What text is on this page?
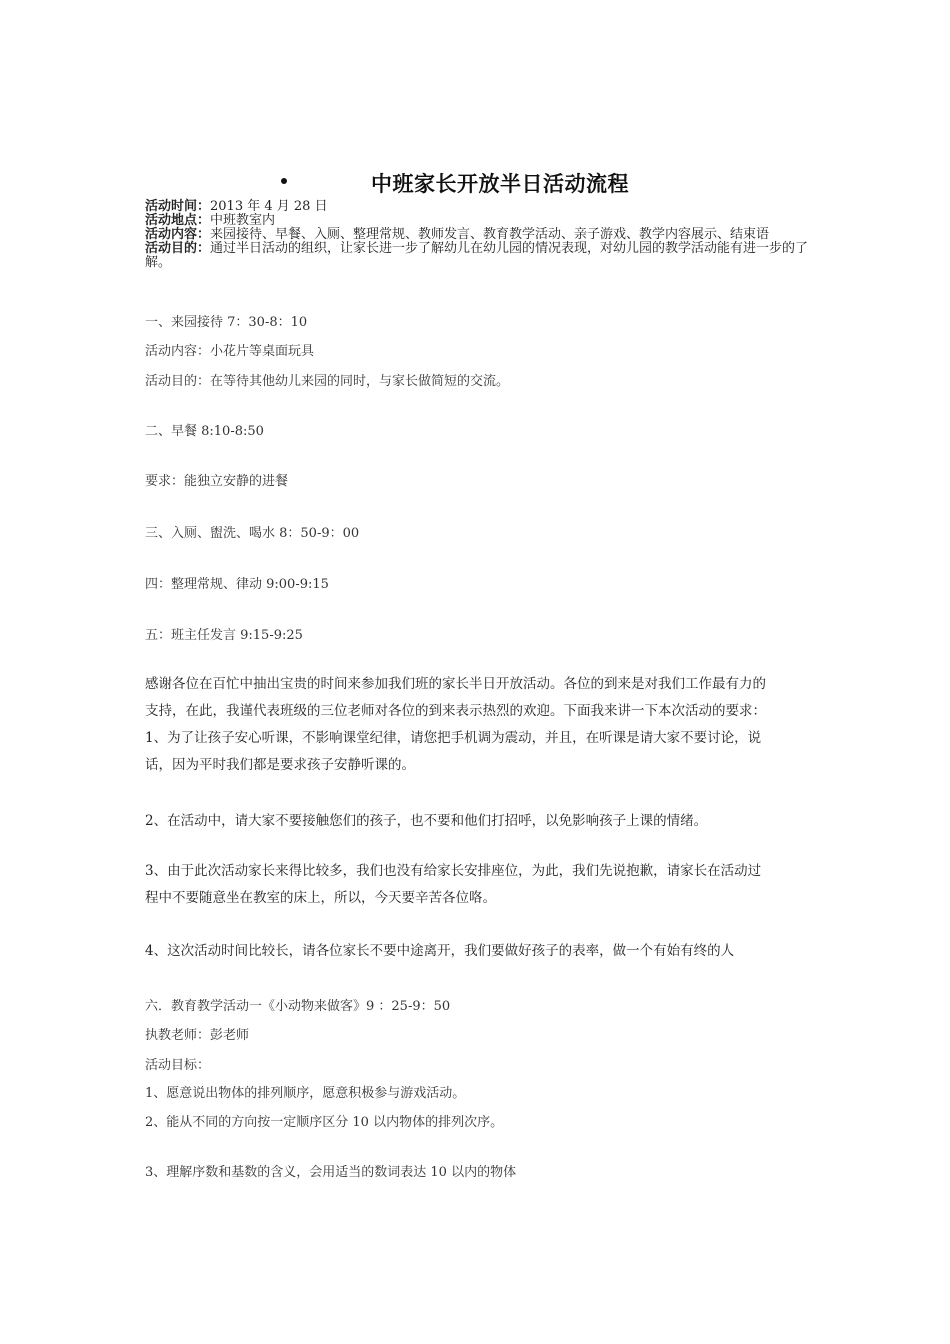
中班家长开放半日活动流程

活动时间：2013 年 4 月 28 日

活动地点：中班教室内

活动内容：来园接待、早餐、入厕、整理常规、教师发言、教育教学活动、亲子游戏、教学内容展示、结束语

活动目的：通过半日活动的组织，让家长进一步了解幼儿在幼儿园的情况表现，对幼儿园的教学活动能有进一步的了解。

一、来园接待 7：30-8：10
活动内容：小花片等桌面玩具
活动目的：在等待其他幼儿来园的同时，与家长做简短的交流。
二、早餐 8:10-8:50
要求：能独立安静的进餐
三、入厕、盥洗、喝水 8：50-9：00
四：整理常规、律动 9:00-9:15
五：班主任发言 9:15-9:25
感谢各位在百忙中抽出宝贵的时间来参加我们班的家长半日开放活动。各位的到来是对我们工作最有力的
支持，在此，我谨代表班级的三位老师对各位的到来表示热烈的欢迎。下面我来讲一下本次活动的要求：
1、为了让孩子安心听课，不影响课堂纪律，请您把手机调为震动，并且，在听课是请大家不要讨论，说
话，因为平时我们都是要求孩子安静听课的。
2、在活动中，请大家不要接触您们的孩子，也不要和他们打招呼，以免影响孩子上课的情绪。
3、由于此次活动家长来得比较多，我们也没有给家长安排座位，为此，我们先说抱歉，请家长在活动过
程中不要随意坐在教室的床上，所以，今天要辛苦各位咯。
4、这次活动时间比较长，请各位家长不要中途离开，我们要做好孩子的表率，做一个有始有终的人
六．教育教学活动一《小动物来做客》9 ：25-9：50
执教老师：彭老师
活动目标：
1、愿意说出物体的排列顺序，愿意积极参与游戏活动。
2、能从不同的方向按一定顺序区分 10 以内物体的排列次序。
3、理解序数和基数的含义，会用适当的数词表达 10 以内的物体
